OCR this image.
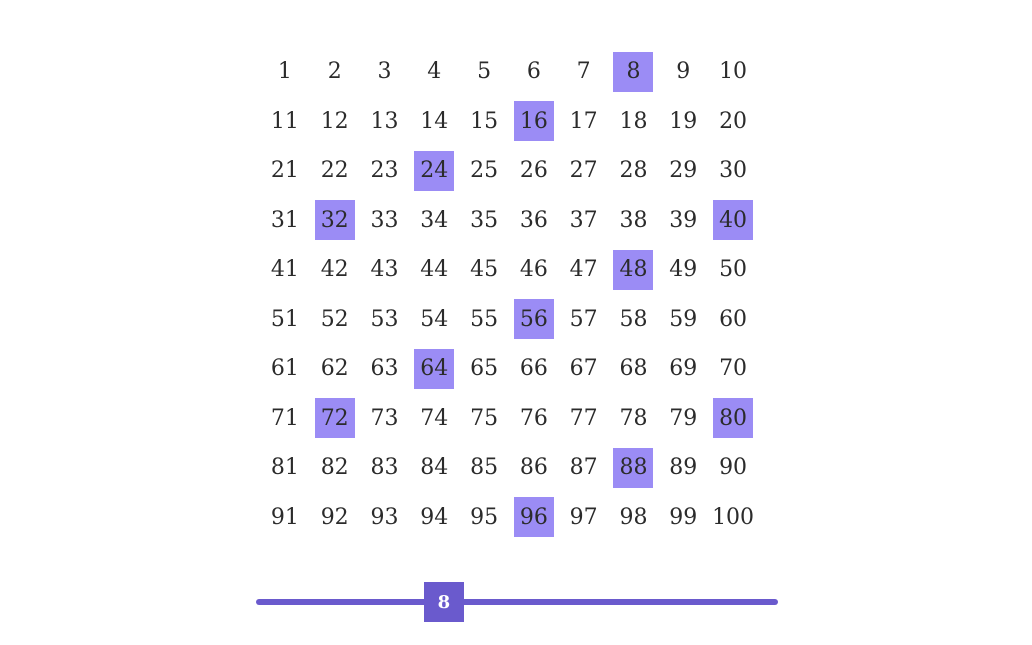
1 2 3 4 5 6 7 8 9 10
11 12 13 14 15 16 17 18 19 20
21 22 23 24 25 26 27 28 29 30
31 32 33 34 35 36 37 38 39 40
41 42 43 44 45 46 47 48 49 50
51 52 53 54 55 56 57 58 59 60
61 62 63 64 65 66 67 68 69 70
71 72 73 74 75 76 77 78 79 80
81 82 83 84 85 86 87 88 89 90
91 92 93 94 95 96 97 98 99 100
8
